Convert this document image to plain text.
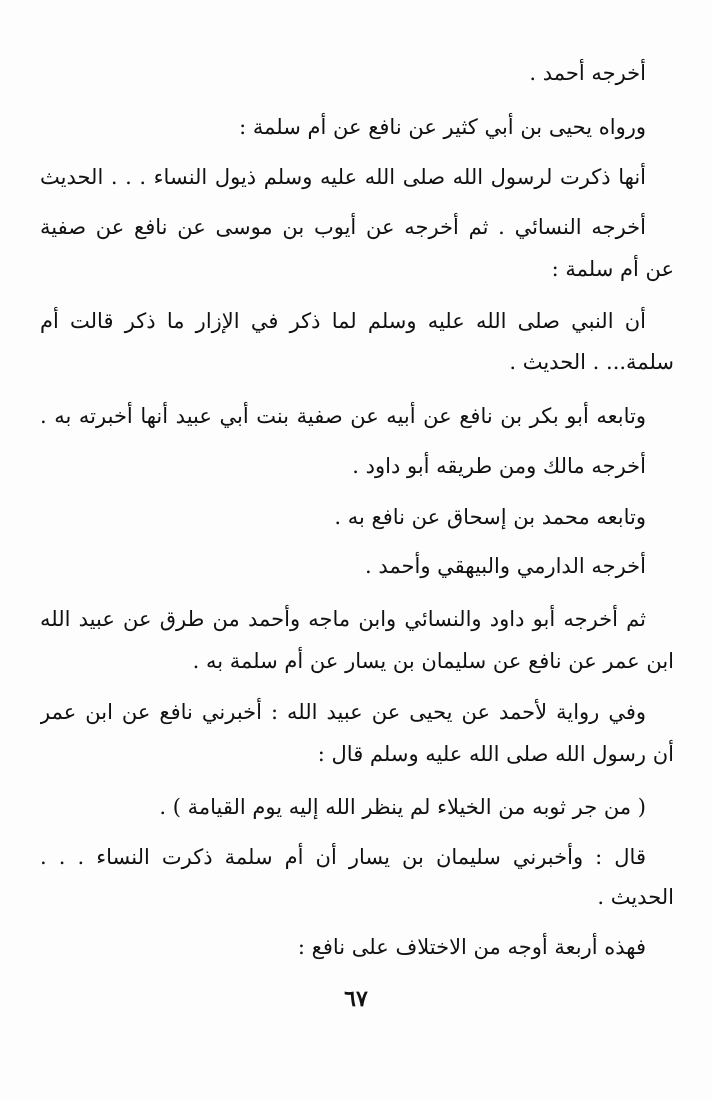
أخرجه أحمد .
ورواه يحيى بن أبي كثير عن نافع عن أم سلمة :
أنها ذكرت لرسول الله صلى الله عليه وسلم ذيول النساء . . . الحديث
أخرجه النسائي . ثم أخرجه عن أيوب بن موسى عن نافع عن صفية
عن أم سلمة :
أن النبي صلى الله عليه وسلم لما ذكر في الإزار ما ذكر قالت أم
سلمة... . الحديث .
وتابعه أبو بكر بن نافع عن أبيه عن صفية بنت أبي عبيد أنها أخبرته به .
أخرجه مالك ومن طريقه أبو داود .
وتابعه محمد بن إسحاق عن نافع به .
أخرجه الدارمي والبيهقي وأحمد .
ثم أخرجه أبو داود والنسائي وابن ماجه وأحمد من طرق عن عبيد الله
ابن عمر عن نافع عن سليمان بن يسار عن أم سلمة به .
وفي رواية لأحمد عن يحيى عن عبيد الله : أخبرني نافع عن ابن عمر
أن رسول الله صلى الله عليه وسلم قال :
( من جر ثوبه من الخيلاء لم ينظر الله إليه يوم القيامة ) .
قال : وأخبرني سليمان بن يسار أن أم سلمة ذكرت النساء . . .
الحديث .
فهذه أربعة أوجه من الاختلاف على نافع :
٦٧
